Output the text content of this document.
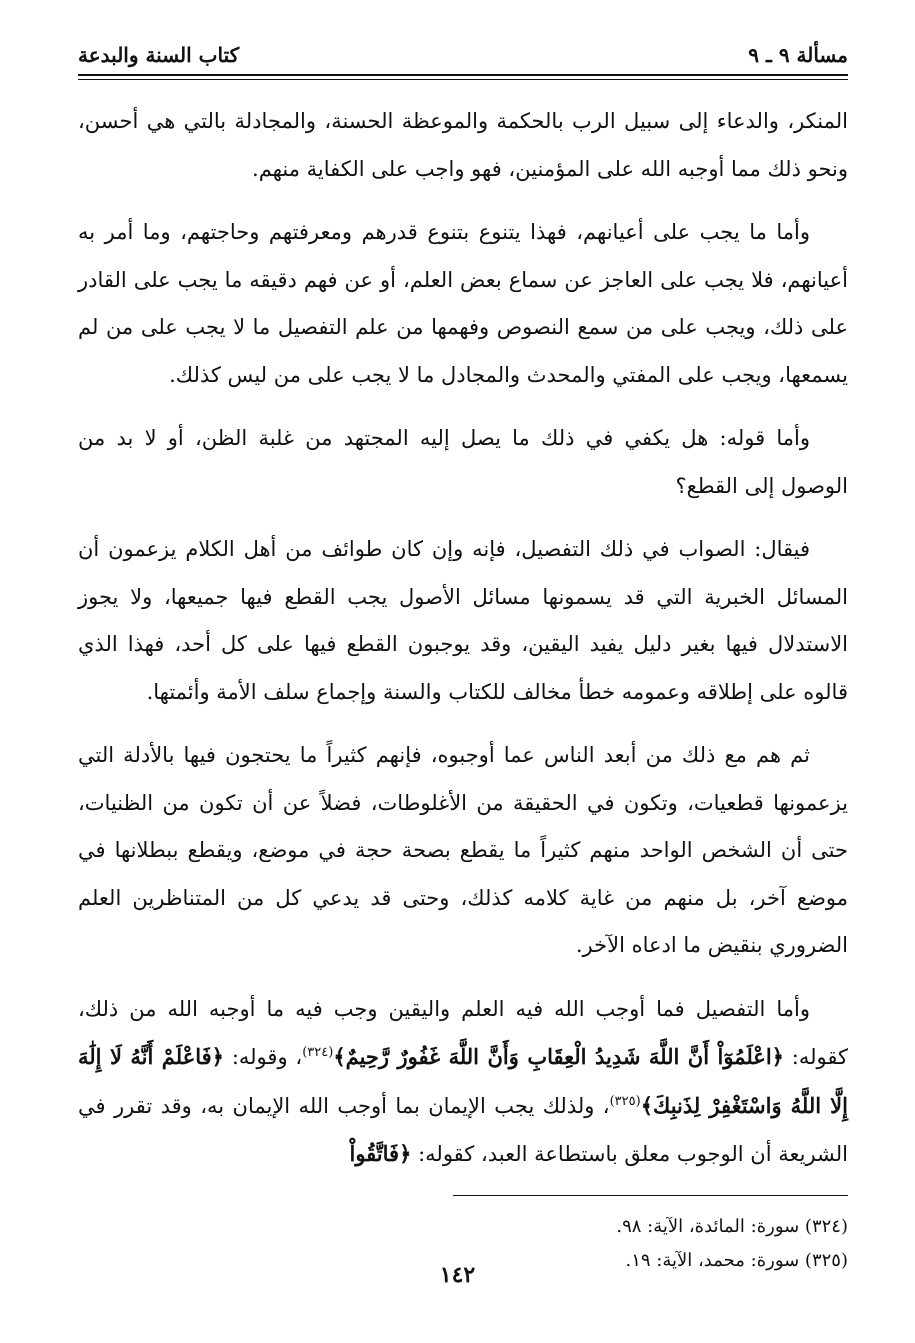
مسألة ٩ ـ ٩
كتاب السنة والبدعة

المنكر، والدعاء إلى سبيل الرب بالحكمة والموعظة الحسنة، والمجادلة بالتي هي أحسن، ونحو ذلك مما أوجبه الله على المؤمنين، فهو واجب على الكفاية منهم.

وأما ما يجب على أعيانهم، فهذا يتنوع بتنوع قدرهم ومعرفتهم وحاجتهم، وما أمر به أعيانهم، فلا يجب على العاجز عن سماع بعض العلم، أو عن فهم دقيقه ما يجب على القادر على ذلك، ويجب على من سمع النصوص وفهمها من علم التفصيل ما لا يجب على من لم يسمعها، ويجب على المفتي والمحدث والمجادل ما لا يجب على من ليس كذلك.

وأما قوله: هل يكفي في ذلك ما يصل إليه المجتهد من غلبة الظن، أو لا بد من الوصول إلى القطع؟

فيقال: الصواب في ذلك التفصيل، فإنه وإن كان طوائف من أهل الكلام يزعمون أن المسائل الخبرية التي قد يسمونها مسائل الأصول يجب القطع فيها جميعها، ولا يجوز الاستدلال فيها بغير دليل يفيد اليقين، وقد يوجبون القطع فيها على كل أحد، فهذا الذي قالوه على إطلاقه وعمومه خطأ مخالف للكتاب والسنة وإجماع سلف الأمة وأئمتها.

ثم هم مع ذلك من أبعد الناس عما أوجبوه، فإنهم كثيراً ما يحتجون فيها بالأدلة التي يزعمونها قطعيات، وتكون في الحقيقة من الأغلوطات، فضلاً عن أن تكون من الظنيات، حتى أن الشخص الواحد منهم كثيراً ما يقطع بصحة حجة في موضع، ويقطع ببطلانها في موضع آخر، بل منهم من غاية كلامه كذلك، وحتى قد يدعي كل من المتناظرين العلم الضروري بنقيض ما ادعاه الآخر.

وأما التفصيل فما أوجب الله فيه العلم واليقين وجب فيه ما أوجبه الله من ذلك، كقوله: ﴿اعْلَمُوٓاْ أَنَّ اللَّهَ شَدِيدُ الْعِقَابِ وَأَنَّ اللَّهَ غَفُورٌ رَّحِيمٌ﴾$^{(٣٢٤)}$، وقوله: ﴿فَاعْلَمْ أَنَّهُ لَا إِلَٰهَ إِلَّا اللَّهُ وَاسْتَغْفِرْ لِذَنبِكَ﴾$^{(٣٢٥)}$، ولذلك يجب الإيمان بما أوجب الله الإيمان به، وقد تقرر في الشريعة أن الوجوب معلق باستطاعة العبد، كقوله: ﴿فَاتَّقُواْ

(٣٢٤) سورة: المائدة، الآية: ٩٨.

(٣٢٥) سورة: محمد، الآية: ١٩.

١٤٢
